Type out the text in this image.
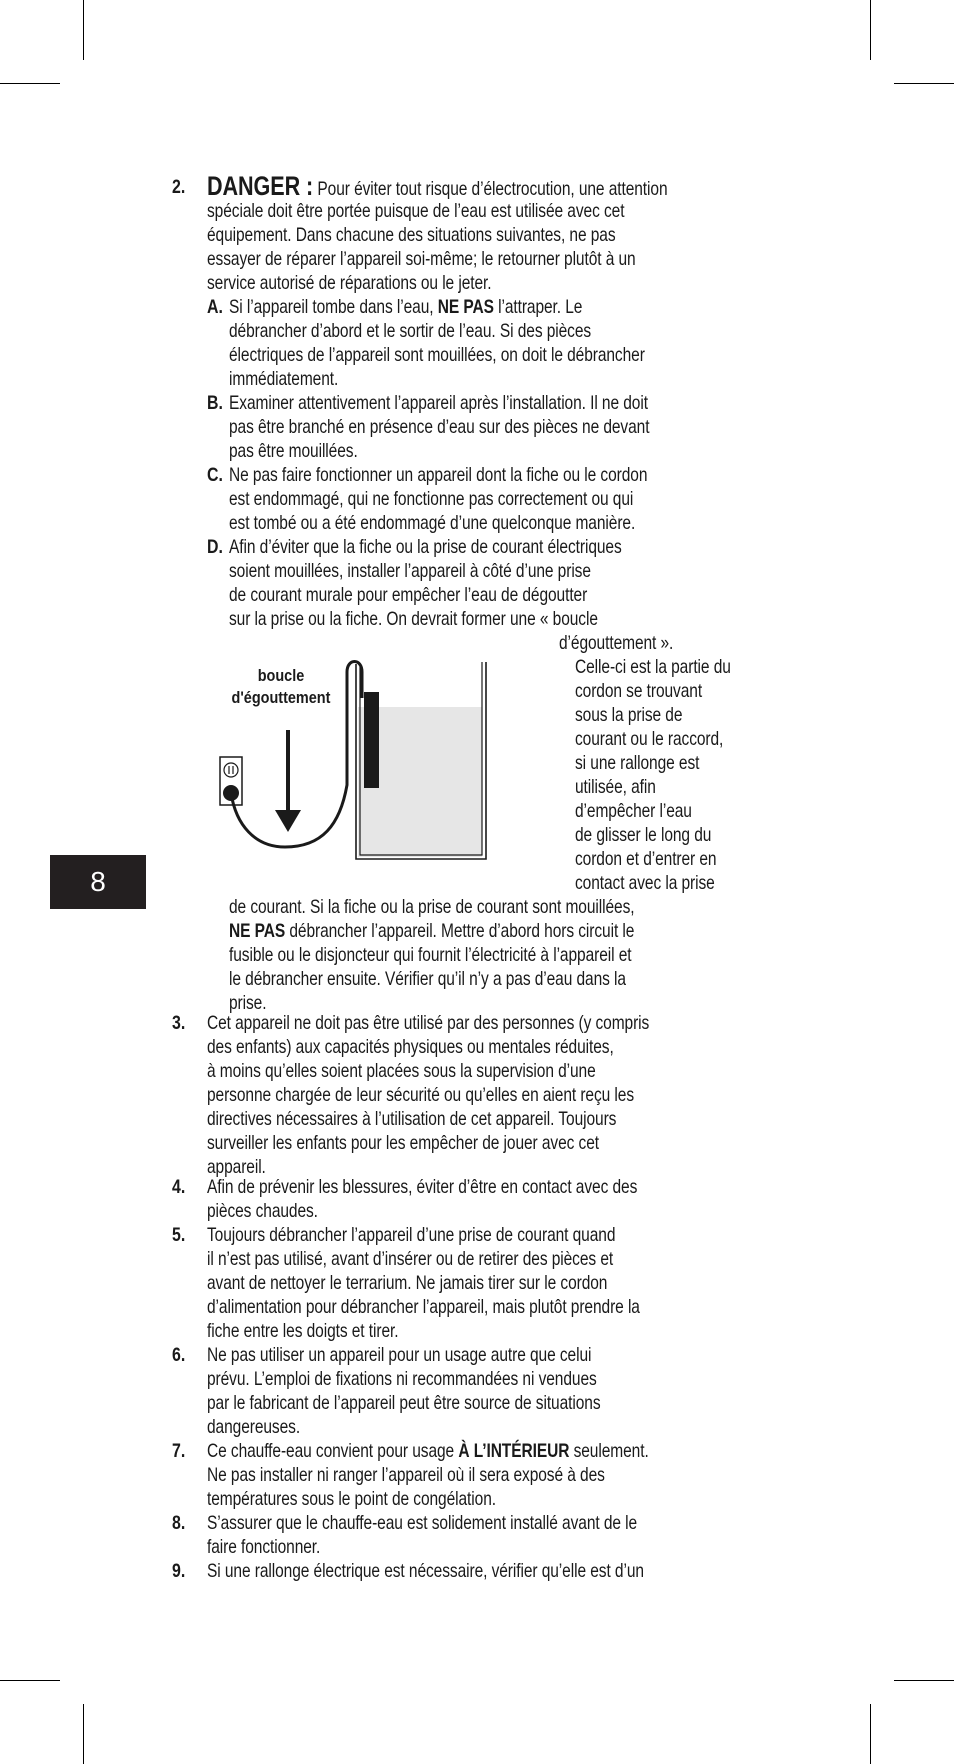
8
2. DANGER : Pour éviter tout risque d’électrocution, une attention
spéciale doit être portée puisque de l’eau est utilisée avec cet
équipement. Dans chacune des situations suivantes, ne pas
essayer de réparer l’appareil soi-même; le retourner plutôt à un
service autorisé de réparations ou le jeter.
A. Si l’appareil tombe dans l’eau, NE PAS l’attraper. Le
débrancher d’abord et le sortir de l’eau. Si des pièces
électriques de l’appareil sont mouillées, on doit le débrancher
immédiatement.
B. Examiner attentivement l’appareil après l’installation. Il ne doit
pas être branché en présence d’eau sur des pièces ne devant
pas être mouillées.
C. Ne pas faire fonctionner un appareil dont la fiche ou le cordon
est endommagé, qui ne fonctionne pas correctement ou qui
est tombé ou a été endommagé d’une quelconque manière.
D. Afin d’éviter que la fiche ou la prise de courant électriques
soient mouillées, installer l’appareil à côté d’une prise
de courant murale pour empêcher l’eau de dégoutter
sur la prise ou la fiche. On devrait former une « boucle
d’égouttement ».
Celle-ci est la partie du
cordon se trouvant
sous la prise de
courant ou le raccord,
si une rallonge est
utilisée, afin
d’empêcher l’eau
de glisser le long du
cordon et d’entrer en
contact avec la prise
boucle
d'égouttement
de courant. Si la fiche ou la prise de courant sont mouillées,
NE PAS débrancher l’appareil. Mettre d’abord hors circuit le
fusible ou le disjoncteur qui fournit l’électricité à l’appareil et
le débrancher ensuite. Vérifier qu’il n’y a pas d’eau dans la
prise.
3. Cet appareil ne doit pas être utilisé par des personnes (y compris
des enfants) aux capacités physiques ou mentales réduites,
à moins qu’elles soient placées sous la supervision d’une
personne chargée de leur sécurité ou qu’elles en aient reçu les
directives nécessaires à l’utilisation de cet appareil. Toujours
surveiller les enfants pour les empêcher de jouer avec cet
appareil.
4. Afin de prévenir les blessures, éviter d’être en contact avec des
pièces chaudes.
5. Toujours débrancher l’appareil d’une prise de courant quand
il n’est pas utilisé, avant d’insérer ou de retirer des pièces et
avant de nettoyer le terrarium. Ne jamais tirer sur le cordon
d’alimentation pour débrancher l’appareil, mais plutôt prendre la
fiche entre les doigts et tirer.
6. Ne pas utiliser un appareil pour un usage autre que celui
prévu. L’emploi de fixations ni recommandées ni vendues
par le fabricant de l’appareil peut être source de situations
dangereuses.
7. Ce chauffe-eau convient pour usage À L’INTÉRIEUR seulement.
Ne pas installer ni ranger l’appareil où il sera exposé à des
températures sous le point de congélation.
8. S’assurer que le chauffe-eau est solidement installé avant de le
faire fonctionner.
9. Si une rallonge électrique est nécessaire, vérifier qu’elle est d’un
